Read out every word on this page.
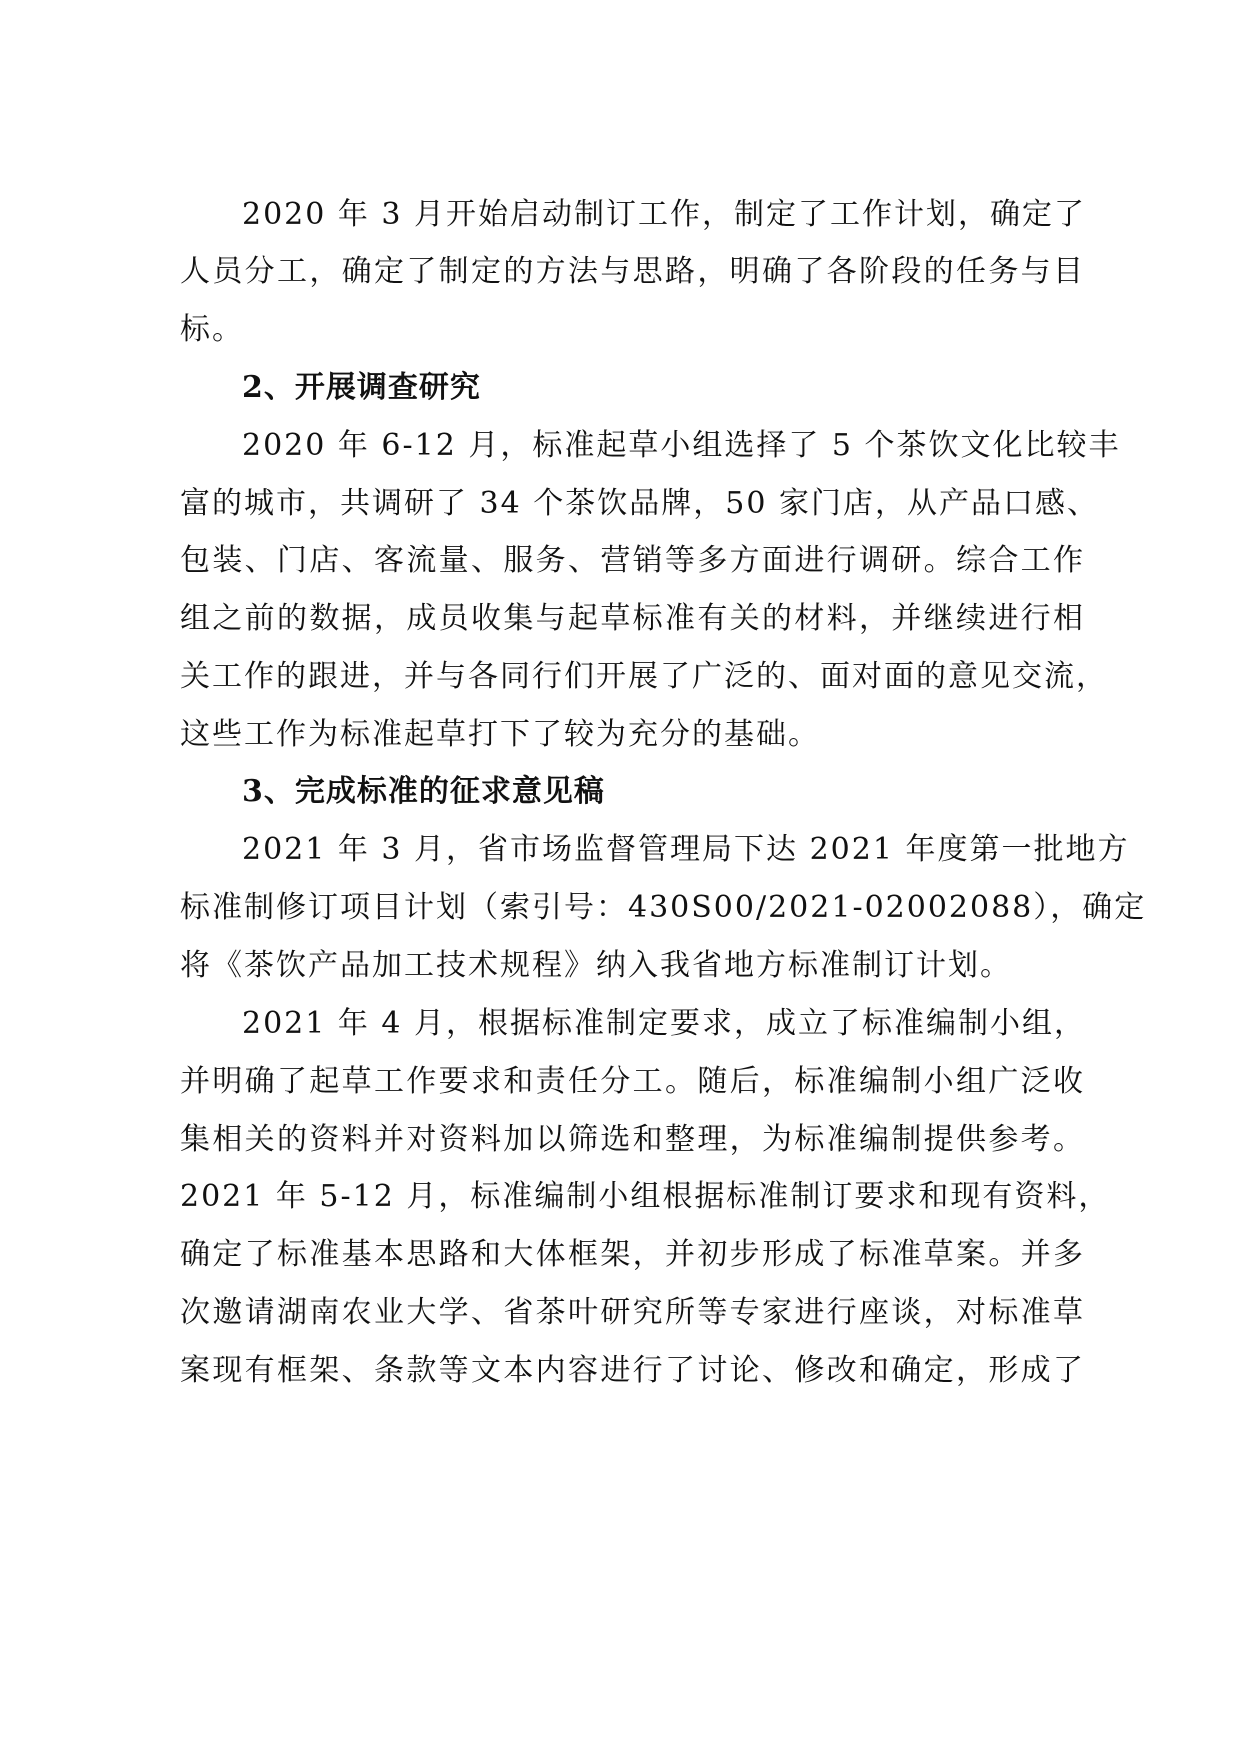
2020 年 3 月开始启动制订工作，制定了工作计划，确定了
人员分工，确定了制定的方法与思路，明确了各阶段的任务与目
标。
2、开展调查研究
2020 年 6-12 月，标准起草小组选择了 5 个茶饮文化比较丰
富的城市，共调研了 34 个茶饮品牌，50 家门店，从产品口感、
包装、门店、客流量、服务、营销等多方面进行调研。综合工作
组之前的数据，成员收集与起草标准有关的材料，并继续进行相
关工作的跟进，并与各同行们开展了广泛的、面对面的意见交流，
这些工作为标准起草打下了较为充分的基础。
3、完成标准的征求意见稿
2021 年 3 月，省市场监督管理局下达 2021 年度第一批地方
标准制修订项目计划（索引号：430S00/2021-02002088），确定
将《茶饮产品加工技术规程》纳入我省地方标准制订计划。
2021 年 4 月，根据标准制定要求，成立了标准编制小组，
并明确了起草工作要求和责任分工。随后，标准编制小组广泛收
集相关的资料并对资料加以筛选和整理，为标准编制提供参考。
2021 年 5-12 月，标准编制小组根据标准制订要求和现有资料，
确定了标准基本思路和大体框架，并初步形成了标准草案。并多
次邀请湖南农业大学、省茶叶研究所等专家进行座谈，对标准草
案现有框架、条款等文本内容进行了讨论、修改和确定，形成了
